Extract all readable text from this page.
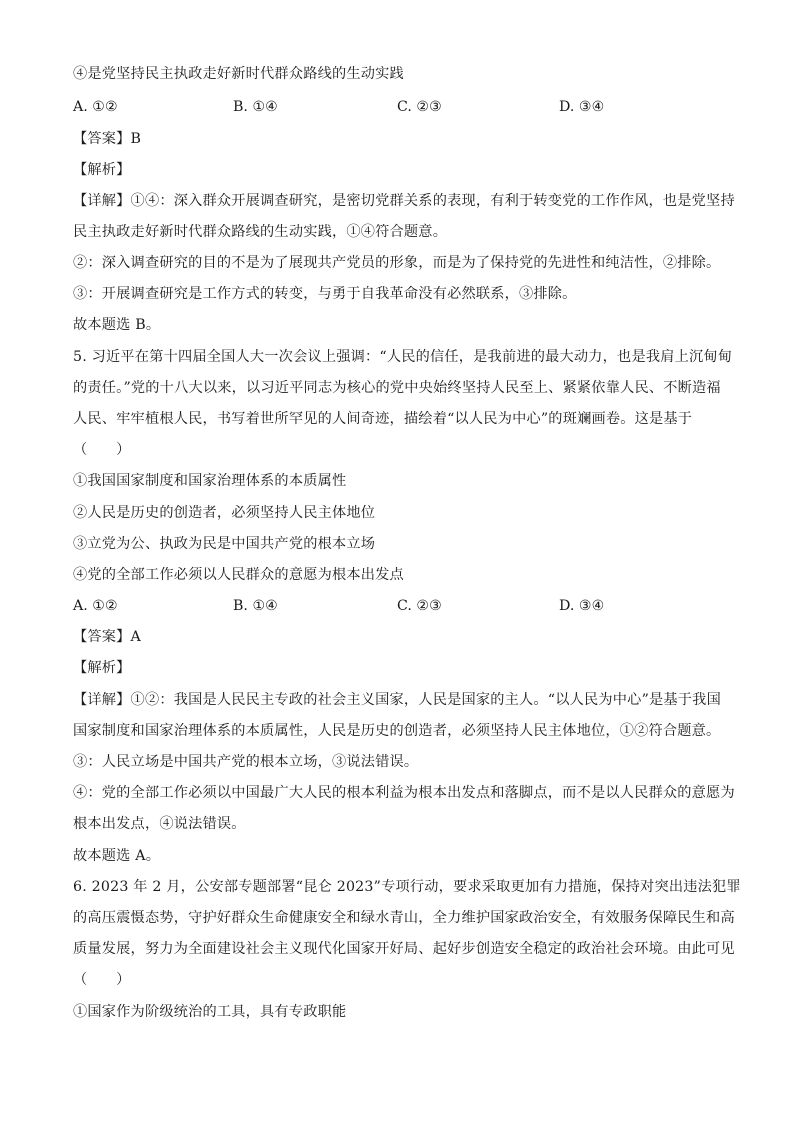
④是党坚持民主执政走好新时代群众路线的生动实践
A. ①②	B. ①④	C. ②③	D. ③④
【答案】B
【解析】
【详解】①④：深入群众开展调查研究，是密切党群关系的表现，有利于转变党的工作作风，也是党坚持
民主执政走好新时代群众路线的生动实践，①④符合题意。
②：深入调查研究的目的不是为了展现共产党员的形象，而是为了保持党的先进性和纯洁性，②排除。
③：开展调查研究是工作方式的转变，与勇于自我革命没有必然联系，③排除。
故本题选 B。
5. 习近平在第十四届全国人大一次会议上强调：“人民的信任，是我前进的最大动力，也是我肩上沉甸甸
的责任。”党的十八大以来，以习近平同志为核心的党中央始终坚持人民至上、紧紧依靠人民、不断造福
人民、牢牢植根人民，书写着世所罕见的人间奇迹，描绘着“以人民为中心”的斑斓画卷。这是基于
（　　）
①我国国家制度和国家治理体系的本质属性
②人民是历史的创造者，必须坚持人民主体地位
③立党为公、执政为民是中国共产党的根本立场
④党的全部工作必须以人民群众的意愿为根本出发点
A. ①②	B. ①④	C. ②③	D. ③④
【答案】A
【解析】
【详解】①②：我国是人民民主专政的社会主义国家，人民是国家的主人。“以人民为中心”是基于我国
国家制度和国家治理体系的本质属性，人民是历史的创造者，必须坚持人民主体地位，①②符合题意。
③：人民立场是中国共产党的根本立场，③说法错误。
④：党的全部工作必须以中国最广大人民的根本利益为根本出发点和落脚点，而不是以人民群众的意愿为
根本出发点，④说法错误。
故本题选 A。
6. 2023 年 2 月，公安部专题部署“昆仑 2023”专项行动，要求采取更加有力措施，保持对突出违法犯罪
的高压震慑态势，守护好群众生命健康安全和绿水青山，全力维护国家政治安全，有效服务保障民生和高
质量发展，努力为全面建设社会主义现代化国家开好局、起好步创造安全稳定的政治社会环境。由此可见
（　　）
①国家作为阶级统治的工具，具有专政职能
